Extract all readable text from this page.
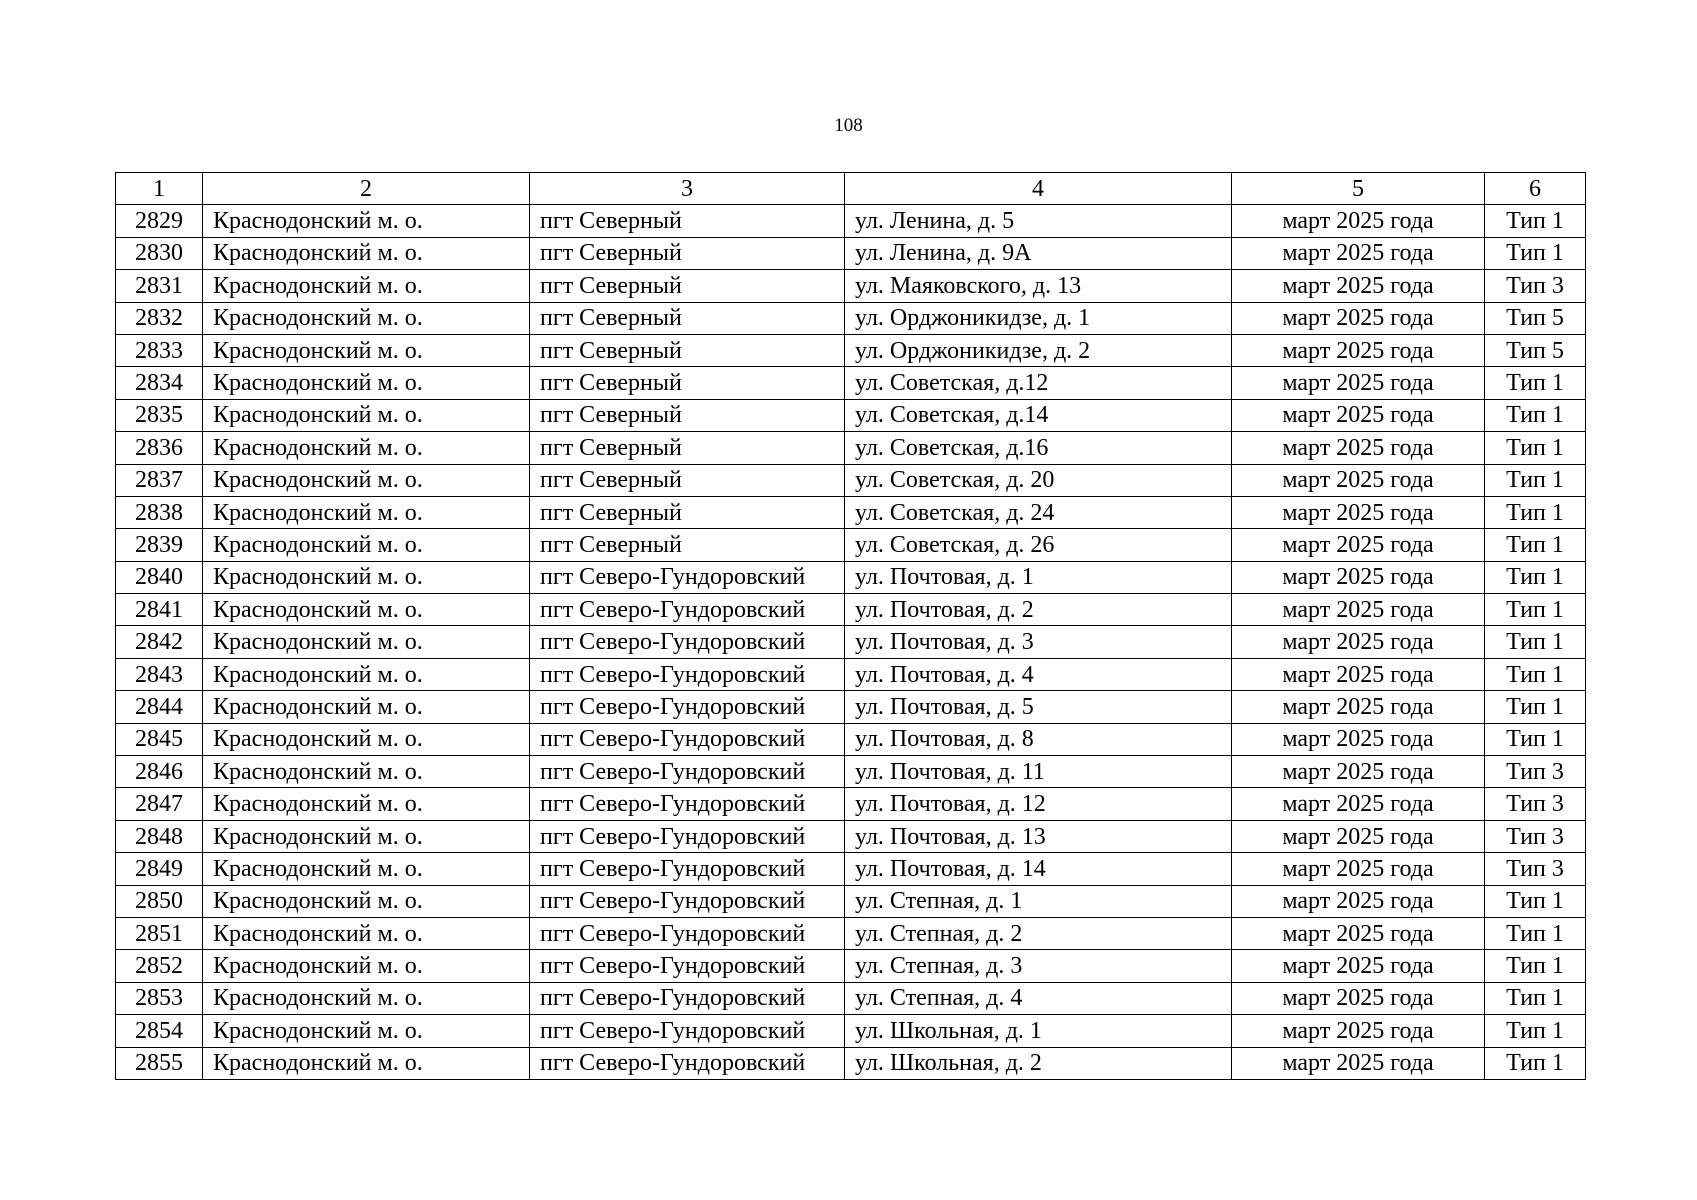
108
1	2	3	4	5	6
2829	Краснодонский м. о.	пгт Северный	ул. Ленина, д. 5	март 2025 года	Тип 1
2830	Краснодонский м. о.	пгт Северный	ул. Ленина, д. 9А	март 2025 года	Тип 1
2831	Краснодонский м. о.	пгт Северный	ул. Маяковского, д. 13	март 2025 года	Тип 3
2832	Краснодонский м. о.	пгт Северный	ул. Орджоникидзе, д. 1	март 2025 года	Тип 5
2833	Краснодонский м. о.	пгт Северный	ул. Орджоникидзе, д. 2	март 2025 года	Тип 5
2834	Краснодонский м. о.	пгт Северный	ул. Советская, д.12	март 2025 года	Тип 1
2835	Краснодонский м. о.	пгт Северный	ул. Советская, д.14	март 2025 года	Тип 1
2836	Краснодонский м. о.	пгт Северный	ул. Советская, д.16	март 2025 года	Тип 1
2837	Краснодонский м. о.	пгт Северный	ул. Советская, д. 20	март 2025 года	Тип 1
2838	Краснодонский м. о.	пгт Северный	ул. Советская, д. 24	март 2025 года	Тип 1
2839	Краснодонский м. о.	пгт Северный	ул. Советская, д. 26	март 2025 года	Тип 1
2840	Краснодонский м. о.	пгт Северо-Гундоровский	ул. Почтовая, д. 1	март 2025 года	Тип 1
2841	Краснодонский м. о.	пгт Северо-Гундоровский	ул. Почтовая, д. 2	март 2025 года	Тип 1
2842	Краснодонский м. о.	пгт Северо-Гундоровский	ул. Почтовая, д. 3	март 2025 года	Тип 1
2843	Краснодонский м. о.	пгт Северо-Гундоровский	ул. Почтовая, д. 4	март 2025 года	Тип 1
2844	Краснодонский м. о.	пгт Северо-Гундоровский	ул. Почтовая, д. 5	март 2025 года	Тип 1
2845	Краснодонский м. о.	пгт Северо-Гундоровский	ул. Почтовая, д. 8	март 2025 года	Тип 1
2846	Краснодонский м. о.	пгт Северо-Гундоровский	ул. Почтовая, д. 11	март 2025 года	Тип 3
2847	Краснодонский м. о.	пгт Северо-Гундоровский	ул. Почтовая, д. 12	март 2025 года	Тип 3
2848	Краснодонский м. о.	пгт Северо-Гундоровский	ул. Почтовая, д. 13	март 2025 года	Тип 3
2849	Краснодонский м. о.	пгт Северо-Гундоровский	ул. Почтовая, д. 14	март 2025 года	Тип 3
2850	Краснодонский м. о.	пгт Северо-Гундоровский	ул. Степная, д. 1	март 2025 года	Тип 1
2851	Краснодонский м. о.	пгт Северо-Гундоровский	ул. Степная, д. 2	март 2025 года	Тип 1
2852	Краснодонский м. о.	пгт Северо-Гундоровский	ул. Степная, д. 3	март 2025 года	Тип 1
2853	Краснодонский м. о.	пгт Северо-Гундоровский	ул. Степная, д. 4	март 2025 года	Тип 1
2854	Краснодонский м. о.	пгт Северо-Гундоровский	ул. Школьная, д. 1	март 2025 года	Тип 1
2855	Краснодонский м. о.	пгт Северо-Гундоровский	ул. Школьная, д. 2	март 2025 года	Тип 1
